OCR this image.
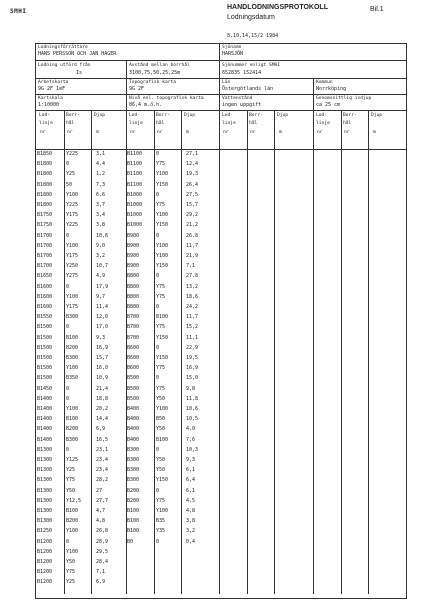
SMHI
HANDLODNINGSPROTOKOLL
Lodningsdatum
Bil.1
8,10,14,15/2 1984
Lodningsförrättare
HANS PERSSON OCH JAN HAGER
Sjönamn
HARSJÖN
Lodning utförd från
Is
Avstånd mellan borrhål
3100,75,50,25,25m
Sjönummer enligt SMHI
652835 152414
Arbetskarta
9G 2F 1eF
Topografisk karta
9G 2F
Län
Östergötlands län
Kommun
Norrköping
Kartskala
1:10000
Nivå enl. topografisk karta
86,4 m.ö.h.
Vattenstånd
ingen uppgift
Genomsnittlig isdjup
ca 25 cm
Lod-
linje
nr
Borr-
hål
nr
Djup
m
Lod-
linje
nr
Borr-
hål
nr
Djup
m
Lod-
linje
nr
Borr-
hål
nr
Djup
m
Lod-
linje
nr
Borr-
hål
nr
Djup
m
B1850	Y225	3,1
B1800	0	4,4
B1800	Y25	1,2
B1800	50	7,3
B1800	Y100	6,6
B1800	Y225	3,7
B1750	Y175	3,4
B1750	Y225	3,8
B1700	0	10,6
B1700	Y100	9,0
B1700	Y175	3,2
B1700	Y250	10,7
B1650	Y275	4,9
B1600	0	17,9
B1600	Y100	9,7
B1600	Y175	11,4
B1550	B300	12,0
B1500	0	17,0
B1500	B100	9,3
B1500	B200	16,9
B1500	B300	15,7
B1500	Y100	16,0
B1500	B350	10,9
B1450	0	21,4
B1400	0	18,8
B1400	Y100	20,2
B1400	B100	14,4
B1400	B200	6,9
B1400	B300	16,5
B1300	0	23,1
B1300	Y125	23,4
B1300	Y25	23,4
B1300	Y75	28,2
B1300	Y50	27
B1300	Y12,5	27,7
B1300	B100	4,7
B1300	B200	4,8
B1250	Y100	26,8
B1200	0	28,9
B1200	Y100	29,5
B1200	Y50	28,4
B1200	Y75	7,1
B1200	Y25	6,9
B1100	0	27,1
B1100	Y75	12,4
B1100	Y100	19,3
B1100	Y150	26,4
B1000	0	27,5
B1000	Y75	15,7
B1000	Y100	29,2
B1000	Y150	21,2
B900	0	26,8
B900	Y100	11,7
B900	Y100	21,9
B900	Y150	7,1
B800	0	27,8
B800	Y75	13,2
B800	Y75	18,6
B800	0	24,2
B700	B100	11,7
B700	Y75	15,2
B700	Y150	11,1
B600	0	22,9
B600	Y150	19,5
B600	Y75	16,9
B500	0	15,0
B500	Y75	9,8
B500	Y50	11,8
B400	Y100	10,6
B400	B50	10,5
B400	Y50	4,0
B400	B100	7,6
B300	0	10,3
B300	Y50	9,3
B300	Y50	6,1
B300	Y150	6,4
B200	0	6,1
B200	Y75	4,5
B100	Y100	4,8
B100	B35	3,8
B100	Y35	3,2
B0	0	0,4
